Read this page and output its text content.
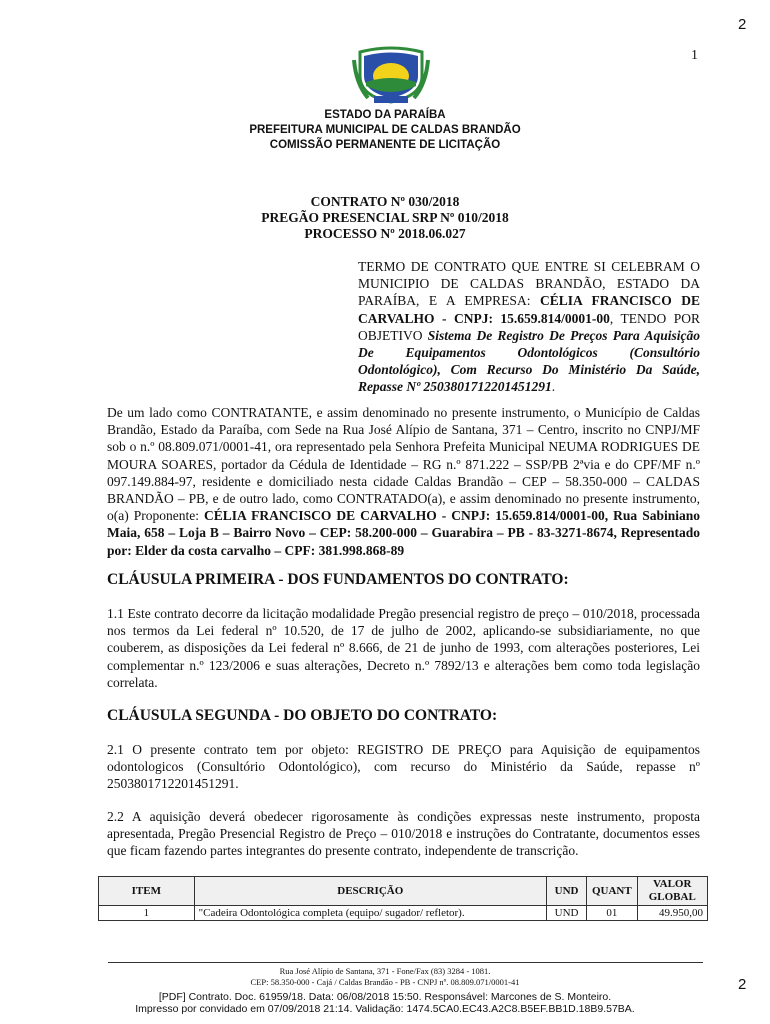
2
1
ESTADO DA PARAÍBA
PREFEITURA MUNICIPAL DE CALDAS BRANDÃO
COMISSÃO PERMANENTE DE LICITAÇÃO
CONTRATO Nº 030/2018
PREGÃO PRESENCIAL SRP Nº 010/2018
PROCESSO Nº 2018.06.027
TERMO DE CONTRATO QUE ENTRE SI CELEBRAM O MUNICIPIO DE CALDAS BRANDÃO, ESTADO DA PARAÍBA, E A EMPRESA: CÉLIA FRANCISCO DE CARVALHO - CNPJ: 15.659.814/0001-00, TENDO POR OBJETIVO Sistema De Registro De Preços Para Aquisição De Equipamentos Odontológicos (Consultório Odontológico), Com Recurso Do Ministério Da Saúde, Repasse Nº 2503801712201451291.
De um lado como CONTRATANTE, e assim denominado no presente instrumento, o Município de Caldas Brandão, Estado da Paraíba, com Sede na Rua José Alípio de Santana, 371 – Centro, inscrito no CNPJ/MF sob o n.º 08.809.071/0001-41, ora representado pela Senhora Prefeita Municipal NEUMA RODRIGUES DE MOURA SOARES, portador da Cédula de Identidade – RG n.º 871.222 – SSP/PB 2ªvia e do CPF/MF n.º 097.149.884-97, residente e domiciliado nesta cidade Caldas Brandão – CEP – 58.350-000 – CALDAS BRANDÃO – PB, e de outro lado, como CONTRATADO(a), e assim denominado no presente instrumento, o(a) Proponente: CÉLIA FRANCISCO DE CARVALHO - CNPJ: 15.659.814/0001-00, Rua Sabiniano Maia, 658 – Loja B – Bairro Novo – CEP: 58.200-000 – Guarabira – PB - 83-3271-8674, Representado por: Elder da costa carvalho – CPF: 381.998.868-89
CLÁUSULA PRIMEIRA - DOS FUNDAMENTOS DO CONTRATO:

1.1 Este contrato decorre da licitação modalidade Pregão presencial registro de preço – 010/2018, processada nos termos da Lei federal nº 10.520, de 17 de julho de 2002, aplicando-se subsidiariamente, no que couberem, as disposições da Lei federal nº 8.666, de 21 de junho de 1993, com alterações posteriores, Lei complementar n.º 123/2006 e suas alterações, Decreto n.º 7892/13 e alterações bem como toda legislação correlata.

CLÁUSULA SEGUNDA - DO OBJETO DO CONTRATO:

2.1 O presente contrato tem por objeto: REGISTRO DE PREÇO para Aquisição de equipamentos odontologicos (Consultório Odontológico), com recurso do Ministério da Saúde, repasse nº 2503801712201451291.

2.2 A aquisição deverá obedecer rigorosamente às condições expressas neste instrumento, proposta apresentada, Pregão Presencial Registro de Preço – 010/2018 e instruções do Contratante, documentos esses que ficam fazendo partes integrantes do presente contrato, independente de transcrição.

ITEM	DESCRIÇÃO	UND	QUANT	VALOR GLOBAL
1	"Cadeira Odontológica completa (equipo/ sugador/ refletor).	UND	01	49.950,00
Rua José Alípio de Santana, 371 - Fone/Fax (83) 3284 - 1081.
CEP: 58.350-000 - Cajá / Caldas Brandão - PB - CNPJ nº. 08.809.071/0001-41
[PDF] Contrato. Doc. 61959/18. Data: 06/08/2018 15:50. Responsável: Marcones de S. Monteiro.
Impresso por convidado em 07/09/2018 21:14. Validação: 1474.5CA0.EC43.A2C8.B5EF.BB1D.18B9.57BA.
2
